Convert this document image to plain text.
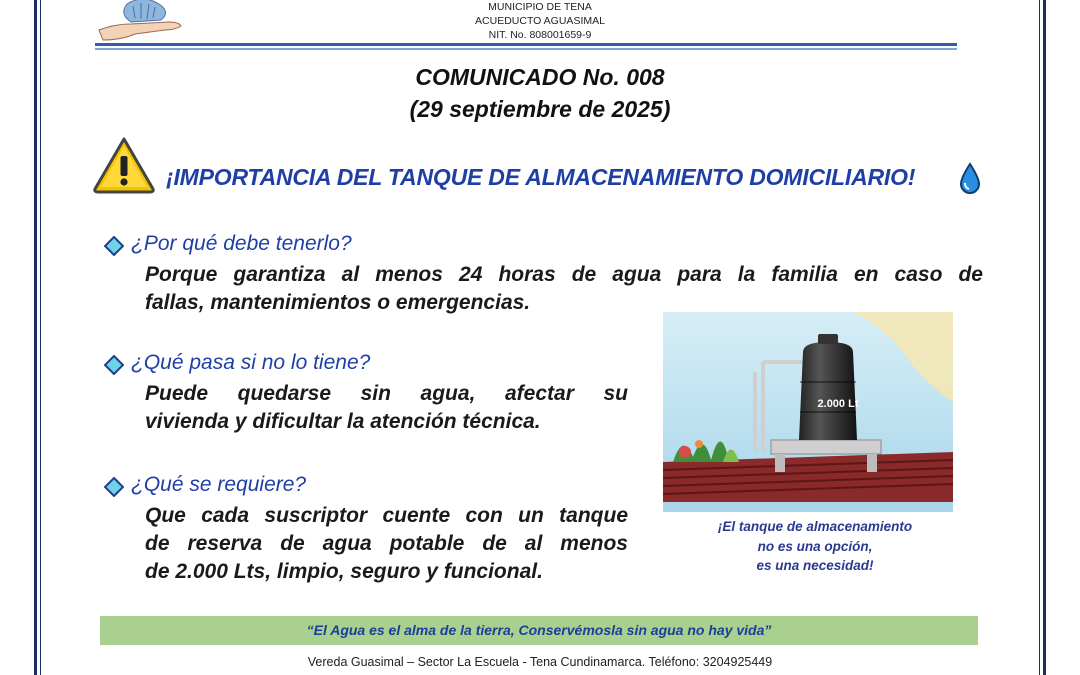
MUNICIPIO DE TENA
ACUEDUCTO AGUASIMAL
NIT. No. 808001659-9
COMUNICADO No. 008
(29 septiembre de 2025)
¡IMPORTANCIA DEL TANQUE DE ALMACENAMIENTO DOMICILIARIO!
¿Por qué debe tenerlo?
Porque garantiza al menos 24 horas de agua para la familia en caso de
fallas, mantenimientos o emergencias.
¿Qué pasa si no lo tiene?
Puede quedarse sin agua, afectar su
vivienda y dificultar la atención técnica.
¿Qué se requiere?
Que cada suscriptor cuente con un tanque
de reserva de agua potable de al menos
de 2.000 Lts, limpio, seguro y funcional.
2.000 Lt
¡El tanque de almacenamiento
no es una opción,
es una necesidad!
“El Agua es el alma de la tierra, Conservémosla sin agua no hay vida”
Vereda Guasimal – Sector La Escuela - Tena Cundinamarca. Teléfono: 3204925449
